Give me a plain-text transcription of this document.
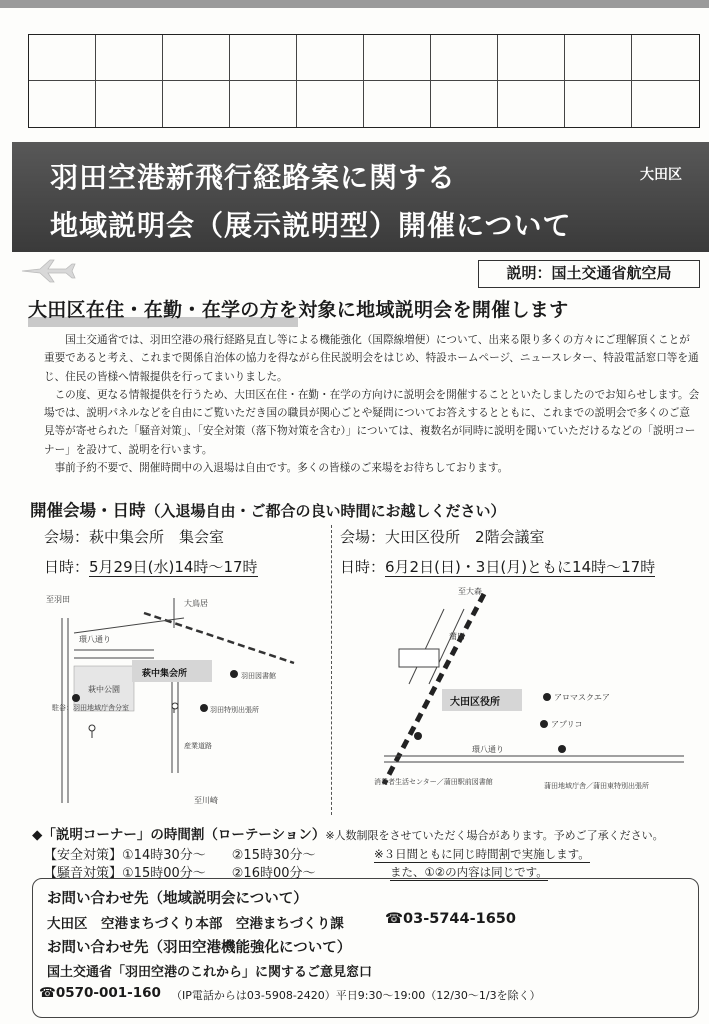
羽田空港新飛行経路案に関する
地域説明会（展示説明型）開催について
大田区
説明：国土交通省航空局
大田区在住・在勤・在学の方を対象に地域説明会を開催します

国土交通省では、羽田空港の飛行経路見直し等による機能強化（国際線増便）について、出来る限り多くの方々にご理解頂くことが重要であると考え、これまで関係自治体の協力を得ながら住民説明会をはじめ、特設ホームページ、ニュースレター、特設電話窓口等を通じ、住民の皆様へ情報提供を行ってまいりました。

この度、更なる情報提供を行うため、大田区在住・在勤・在学の方向けに説明会を開催することといたしましたのでお知らせします。会場では、説明パネルなどを自由にご覧いただき国の職員が関心ごとや疑問についてお答えするとともに、これまでの説明会で多くのご意見等が寄せられた「騒音対策」、「安全対策（落下物対策を含む）」については、複数名が同時に説明を聞いていただけるなどの「説明コーナー」を設けて、説明を行います。

事前予約不要で、開催時間中の入退場は自由です。多くの皆様のご来場をお待ちしております。

開催会場・日時（入退場自由・ご都合の良い時間にお越しください）
会場：萩中集会所　集会室
日時：5月29日(水)14時～17時
会場：大田区役所　2階会議室
日時：6月2日(日)・3日(月)ともに14時～17時
至羽田	大鳥居
環八通り
萩中集会所
萩中公園
駐谷：羽田地域庁舎分室
羽田図書館
羽田特別出張所
産業道路
至川崎
至大森
蒲田
大田区役所	アロマスクエア
アプリコ
環八通り
消費者生活センター／蒲田駅前図書館	蒲田地域庁舎／蒲田東特別出張所
◆「説明コーナー」の時間割（ローテーション）※人数制限をさせていただく場合があります。予めご了承ください。
【安全対策】①14時30分～ ②15時30分～
【騒音対策】①15時00分～ ②16時00分～
※３日間ともに同じ時間割で実施します。
また、①②の内容は同じです。
お問い合わせ先（地域説明会について）
大田区　空港まちづくり本部　空港まちづくり課	☎03-5744-1650
お問い合わせ先（羽田空港機能強化について）
国土交通省「羽田空港のこれから」に関するご意見窓口
☎0570-001-160 （IP電話からは03-5908-2420）平日9:30～19:00（12/30～1/3を除く）
